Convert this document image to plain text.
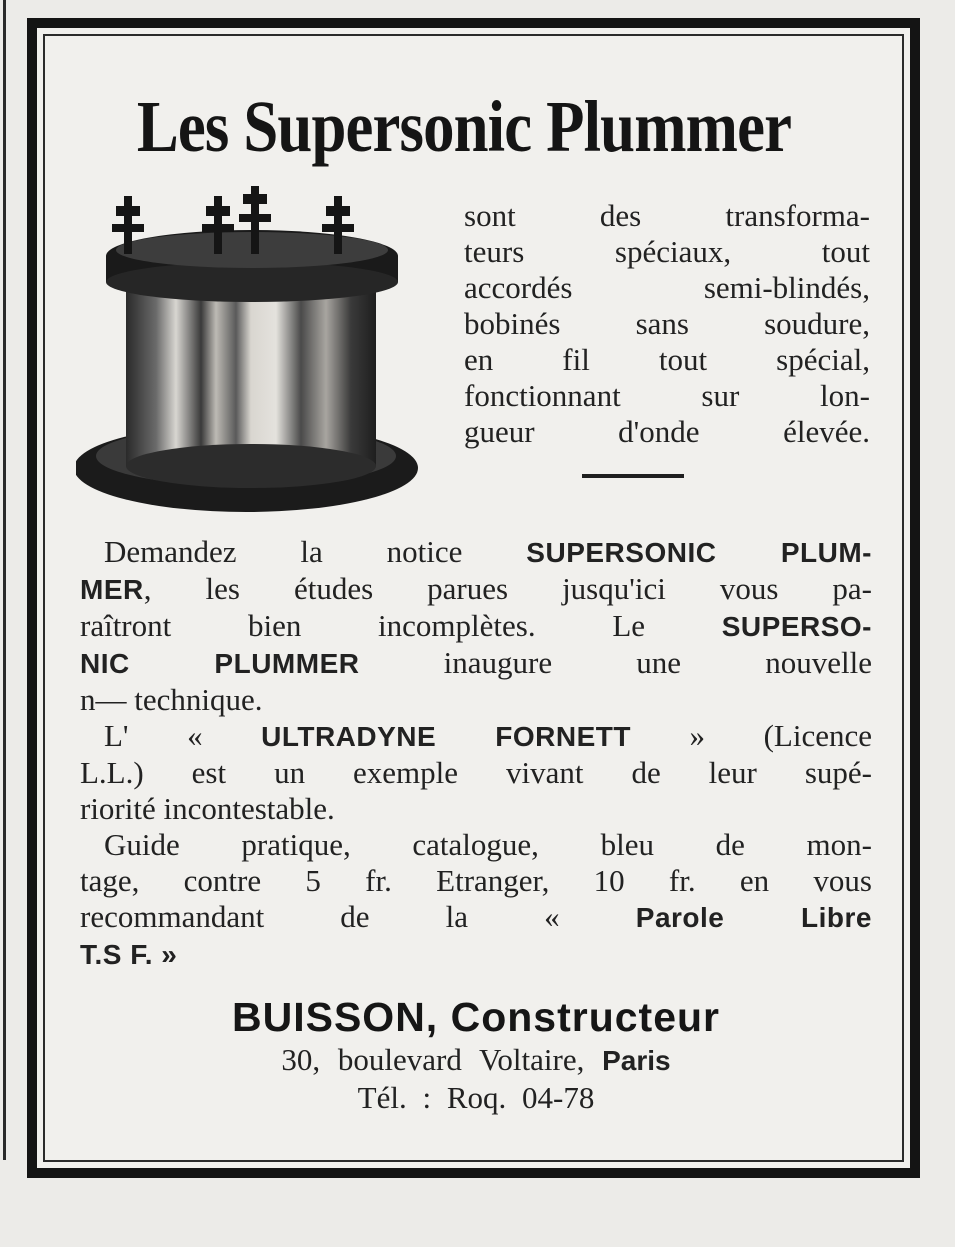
Les Supersonic Plummer
sont des transforma-
teurs spéciaux, tout
accordés semi-blindés,
bobinés sans soudure,
en fil tout spécial,
fonctionnant sur lon-
gueur d'onde élevée.
Demandez la notice SUPERSONIC PLUM-
MER, les études parues jusqu'ici vous pa-
raîtront bien incomplètes. Le SUPERSO-
NIC PLUMMER inaugure une nouvelle
n— technique.
L' « ULTRADYNE FORNETT » (Licence
L.L.) est un exemple vivant de leur supé-
riorité incontestable.
Guide pratique, catalogue, bleu de mon-
tage, contre 5 fr. Etranger, 10 fr. en vous
recommandant de la « Parole Libre
T.S F. »
BUISSON, Constructeur
30, boulevard Voltaire, Paris
Tél. : Roq. 04-78
